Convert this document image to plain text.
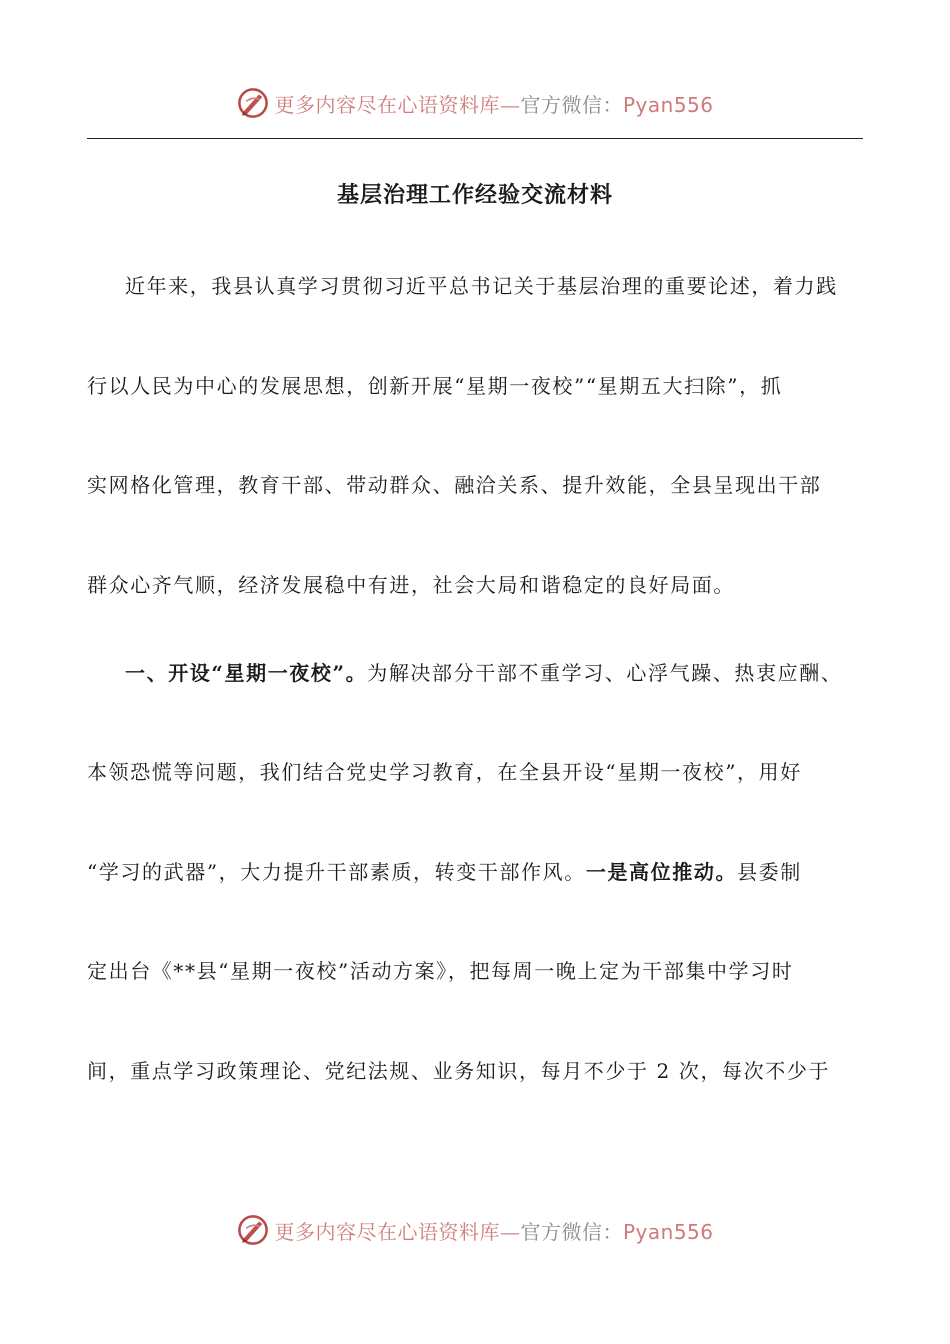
更多内容尽在心语资料库—官方微信：Pyan556
基层治理工作经验交流材料
近年来，我县认真学习贯彻习近平总书记关于基层治理的重要论述，着力践
行以人民为中心的发展思想，创新开展“星期一夜校”“星期五大扫除”，抓
实网格化管理，教育干部、带动群众、融洽关系、提升效能，全县呈现出干部
群众心齐气顺，经济发展稳中有进，社会大局和谐稳定的良好局面。
一、开设“星期一夜校”。为解决部分干部不重学习、心浮气躁、热衷应酬、
本领恐慌等问题，我们结合党史学习教育，在全县开设“星期一夜校”，用好
“学习的武器”，大力提升干部素质，转变干部作风。一是高位推动。县委制
定出台《**县“星期一夜校”活动方案》，把每周一晚上定为干部集中学习时
间，重点学习政策理论、党纪法规、业务知识，每月不少于 2 次，每次不少于
更多内容尽在心语资料库—官方微信：Pyan556
